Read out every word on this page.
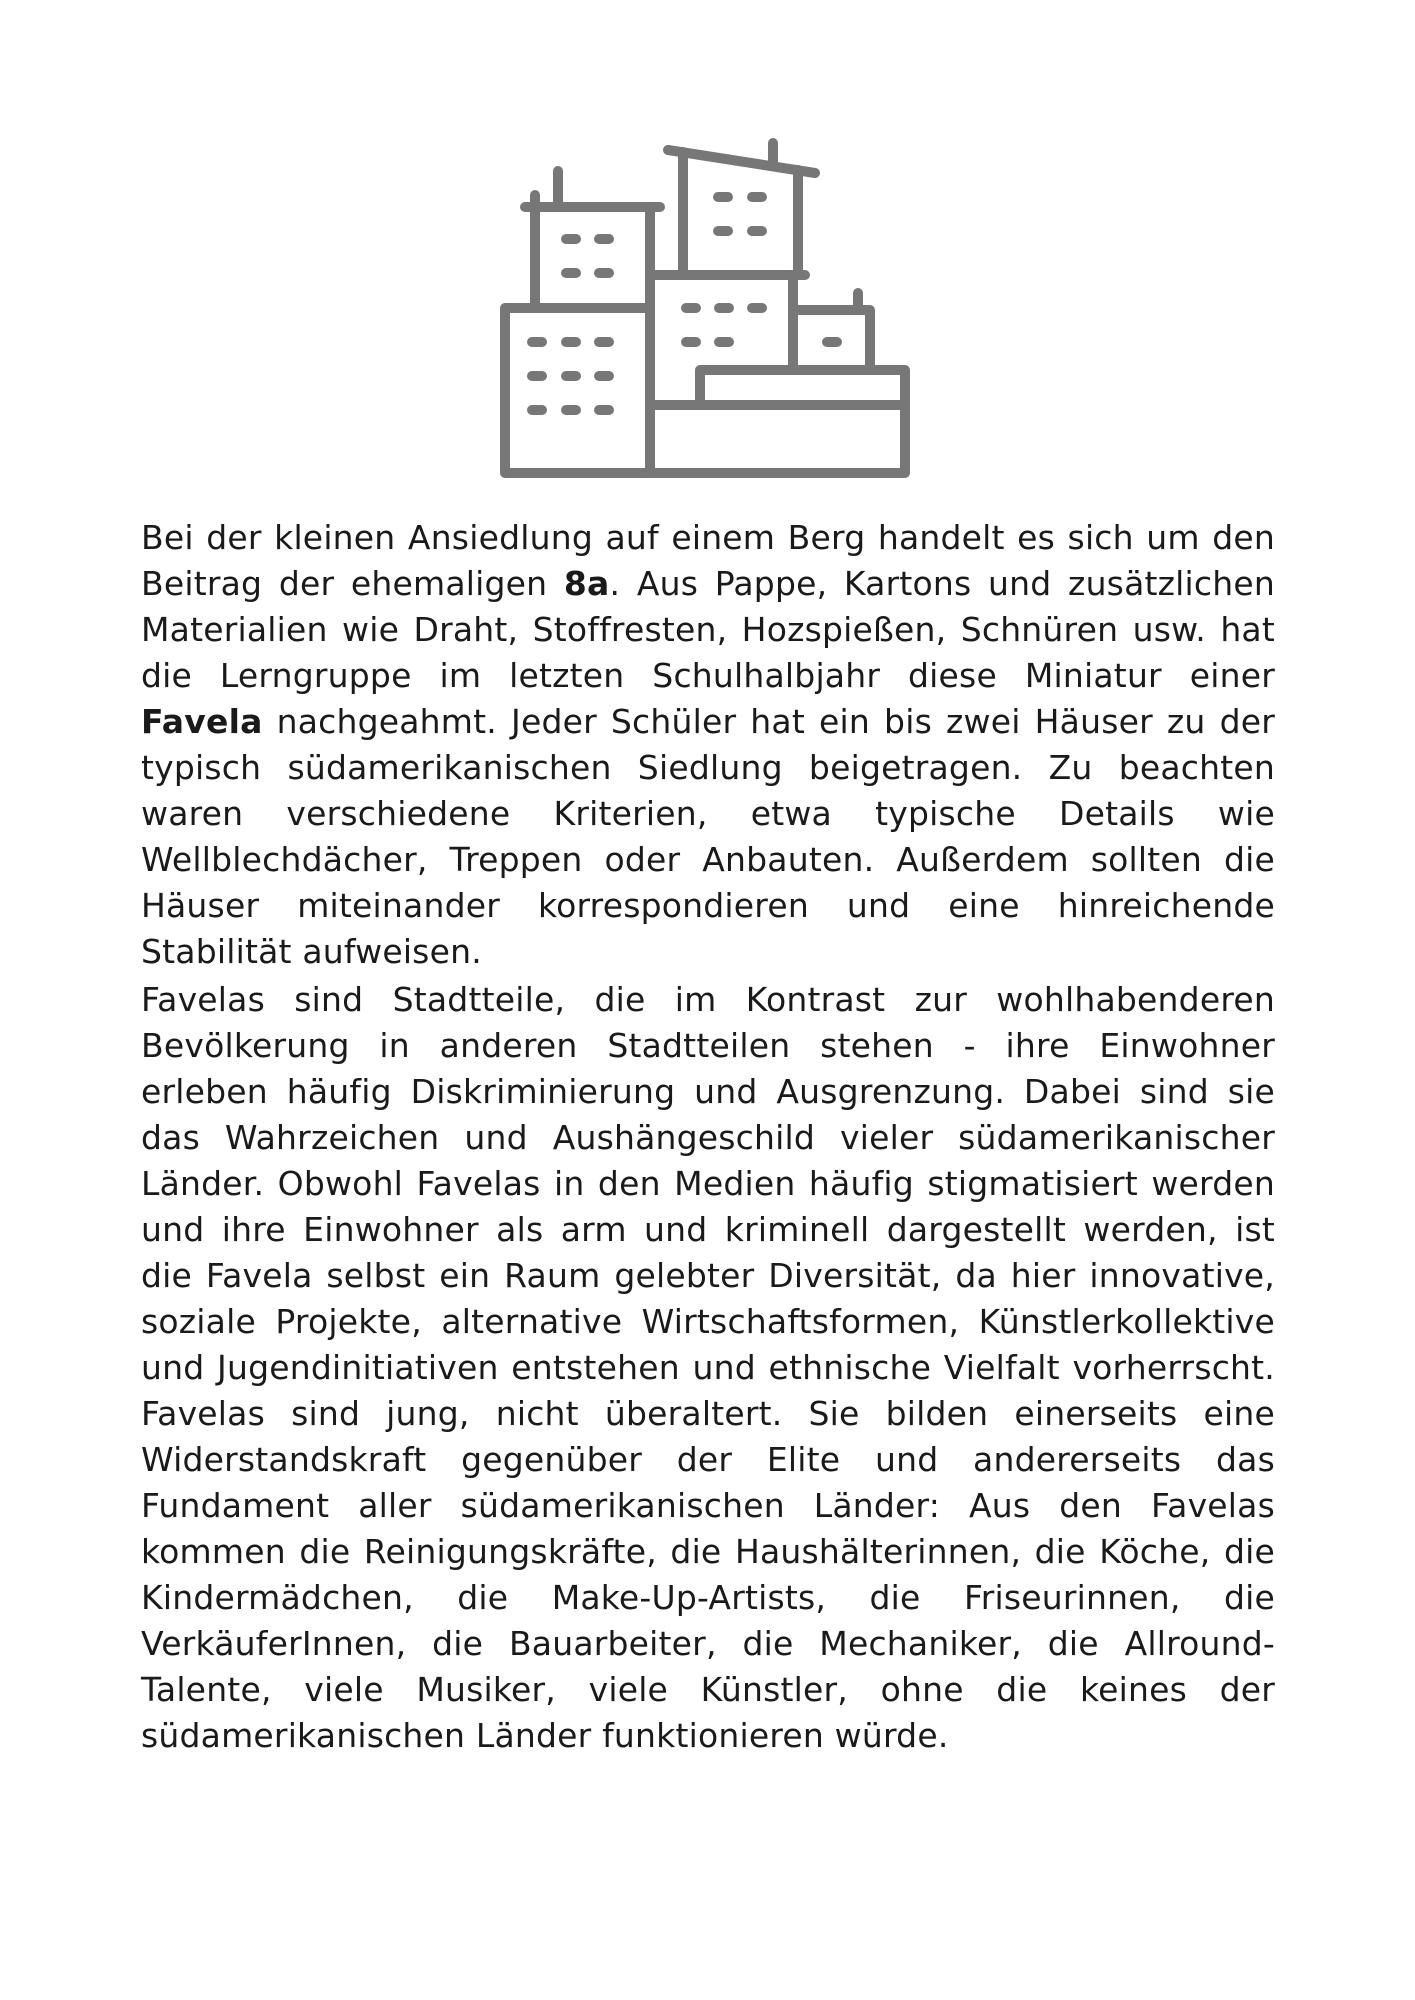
Bei der kleinen Ansiedlung auf einem Berg handelt es sich um den Beitrag der ehemaligen 8a. Aus Pappe, Kartons und zusätzlichen Materialien wie Draht, Stoffresten, Hozspießen, Schnüren usw. hat die Lerngruppe im letzten Schulhalbjahr diese Miniatur einer Favela nachgeahmt. Jeder Schüler hat ein bis zwei Häuser zu der typisch südamerikanischen Siedlung beigetragen. Zu beachten waren verschiedene Kriterien, etwa typische Details wie Wellblechdächer, Treppen oder Anbauten. Außerdem sollten die Häuser miteinander korrespondieren und eine hinreichende Stabilität aufweisen.

Favelas sind Stadtteile, die im Kontrast zur wohlhabenderen Bevölkerung in anderen Stadtteilen stehen - ihre Einwohner erleben häufig Diskriminierung und Ausgrenzung. Dabei sind sie das Wahrzeichen und Aushängeschild vieler südamerikanischer Länder. Obwohl Favelas in den Medien häufig stigmatisiert werden und ihre Einwohner als arm und kriminell dargestellt werden, ist die Favela selbst ein Raum gelebter Diversität, da hier innovative, soziale Projekte, alternative Wirtschaftsformen, Künstlerkollektive und Jugendinitiativen entstehen und ethnische Vielfalt vorherrscht. Favelas sind jung, nicht überaltert. Sie bilden einerseits eine Widerstandskraft gegenüber der Elite und andererseits das Fundament aller südamerikanischen Länder: Aus den Favelas kommen die Reinigungskräfte, die Haushälterinnen, die Köche, die Kindermädchen, die Make-Up-Artists, die Friseurinnen, die VerkäuferInnen, die Bauarbeiter, die Mechaniker, die Allround-Talente, viele Musiker, viele Künstler, ohne die keines der südamerikanischen Länder funktionieren würde.
